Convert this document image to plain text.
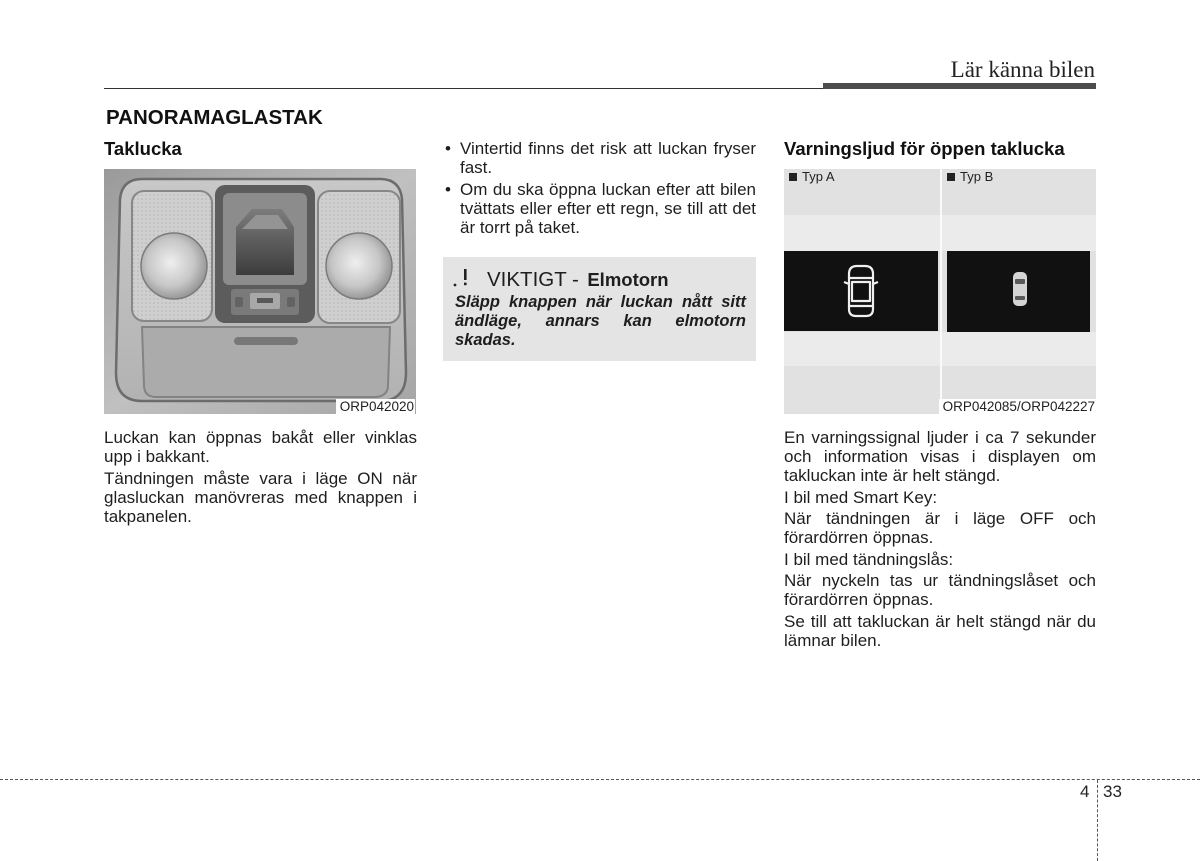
Lär känna bilen
PANORAMAGLASTAK
Taklucka
ORP042020

Luckan kan öppnas bakåt eller vinklas upp i bakkant.

Tändningen måste vara i läge ON när glasluckan manövreras med knappen i takpanelen.

• Vintertid finns det risk att luckan fryser fast.
• Om du ska öppna luckan efter att bilen tvättats eller efter ett regn, se till att det är torrt på taket.
VIKTIGT - Elmotorn
Släpp knappen när luckan nått sitt ändläge, annars kan elmotorn skadas.
Varningsljud för öppen taklucka
Typ A	Typ B
ORP042085/ORP042227

En varningssignal ljuder i ca 7 sekunder och information visas i displayen om takluckan inte är helt stängd.

I bil med Smart Key:

När tändningen är i läge OFF och förardörren öppnas.

I bil med tändningslås:

När nyckeln tas ur tändningslåset och förardörren öppnas.

Se till att takluckan är helt stängd när du lämnar bilen.

4 33
